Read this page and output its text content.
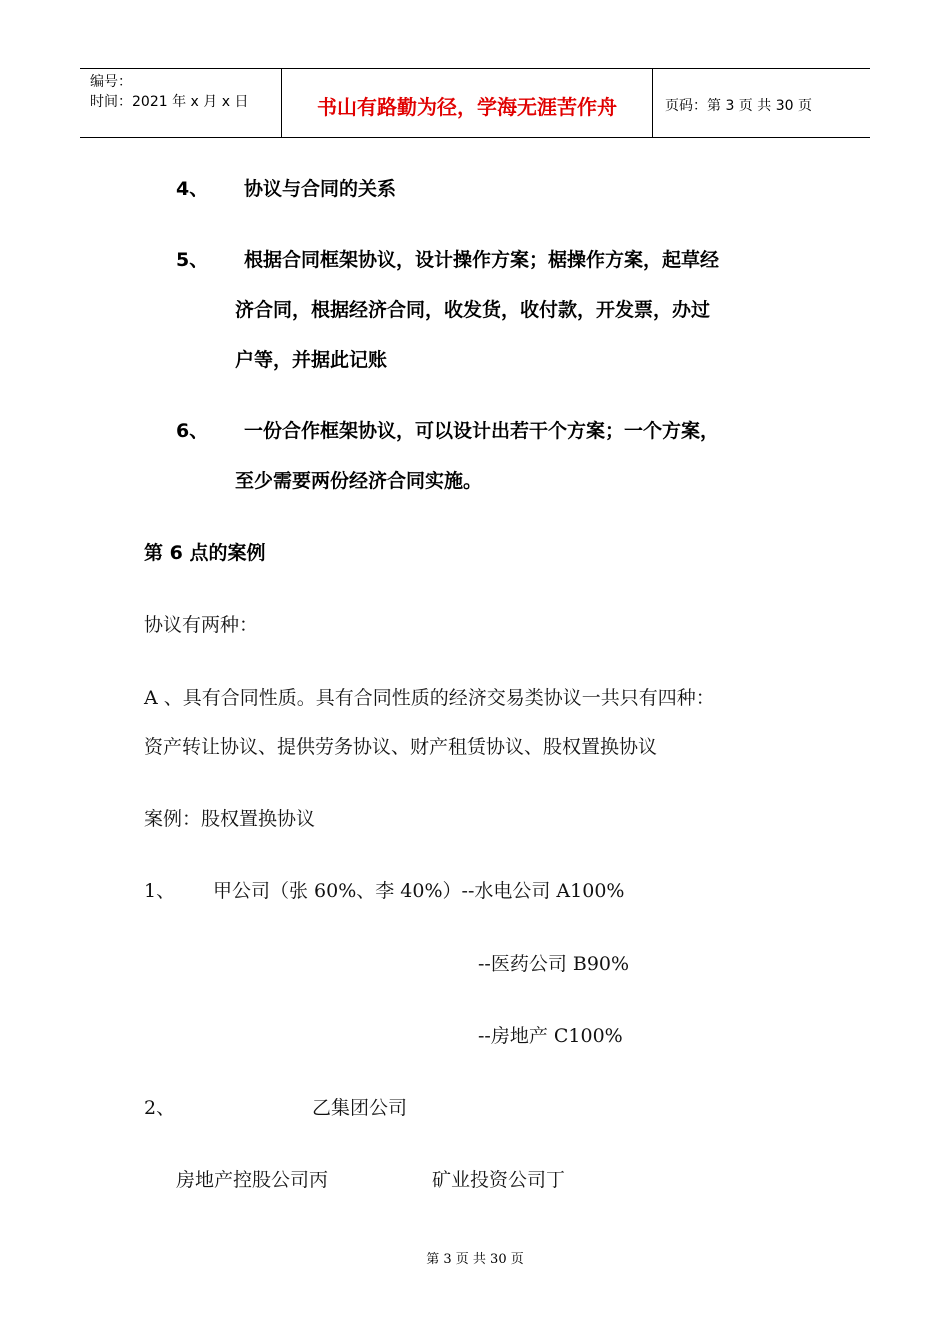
编号：
时间：2021 年 x 月 x 日	书山有路勤为径，学海无涯苦作舟	页码：第 3 页 共 30 页
4、 协议与合同的关系
5、 根据合同框架协议，设计操作方案；椐操作方案，起草经
济合同，根据经济合同，收发货，收付款，开发票，办过
户等，并据此记账
6、 一份合作框架协议，可以设计出若干个方案；一个方案，
至少需要两份经济合同实施。
第 6 点的案例
协议有两种：
A 、具有合同性质。具有合同性质的经济交易类协议一共只有四种：
资产转让协议、提供劳务协议、财产租赁协议、股权置换协议
案例：股权置换协议
1、 甲公司（张 60%、李 40%）--水电公司 A100%
--医药公司 B90%
--房地产 C100%
2、	乙集团公司
房地产控股公司丙	矿业投资公司丁
第 3 页 共 30 页
